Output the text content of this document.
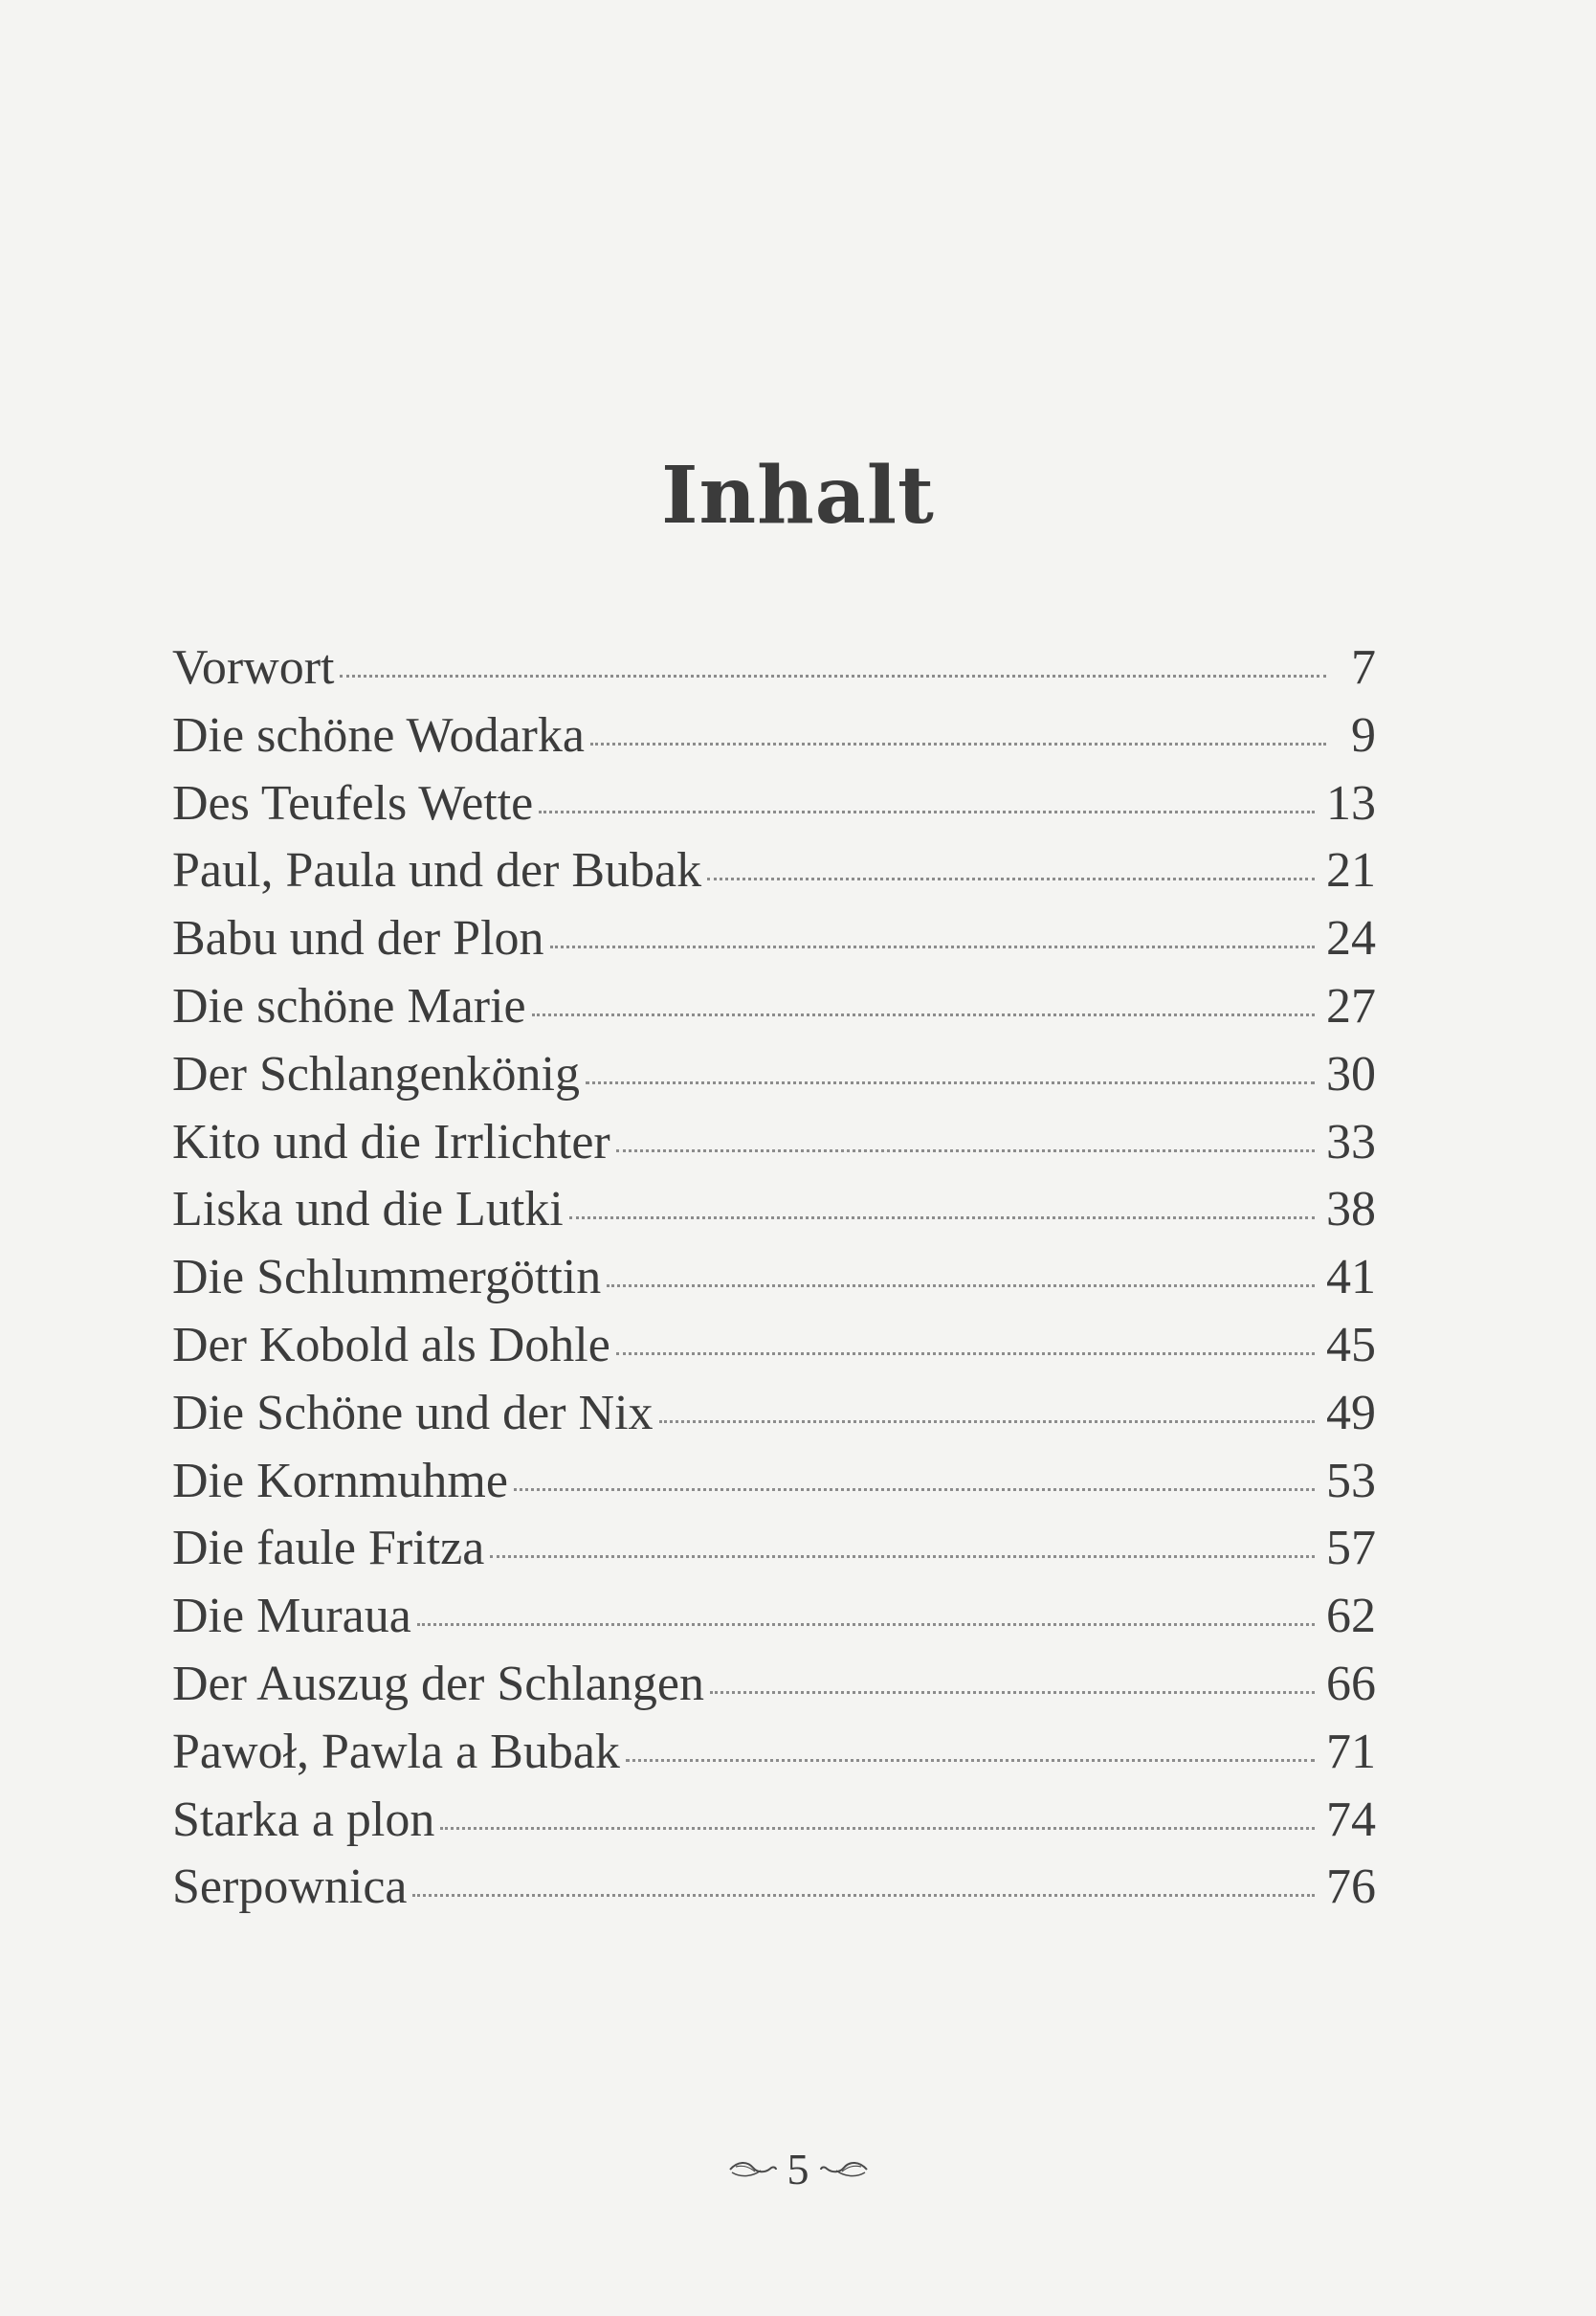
Inhalt
Vorwort	7
Die schöne Wodarka	9
Des Teufels Wette	13
Paul, Paula und der Bubak	21
Babu und der Plon	24
Die schöne Marie	27
Der Schlangenkönig	30
Kito und die Irrlichter	33
Liska und die Lutki	38
Die Schlummergöttin	41
Der Kobold als Dohle	45
Die Schöne und der Nix	49
Die Kornmuhme	53
Die faule Fritza	57
Die Muraua	62
Der Auszug der Schlangen	66
Pawoł, Pawla a Bubak	71
Starka a plon	74
Serpownica	76
5
